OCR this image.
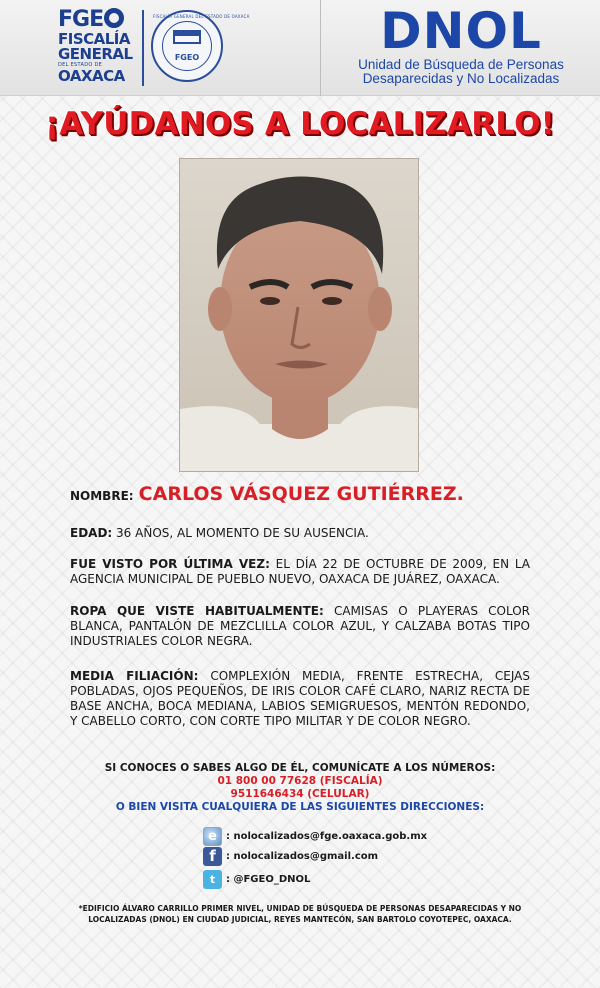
FGE
FISCALÍA
GENERAL
DEL ESTADO DE
OAXACA
FISCALÍA GENERAL DEL ESTADO DE OAXACA
FGEO	DNOL
Unidad de Búsqueda de Personas
Desaparecidas y No Localizadas
¡AYÚDANOS A LOCALIZARLO!
NOMBRE: CARLOS VÁSQUEZ GUTIÉRREZ.
EDAD: 36 AÑOS, AL MOMENTO DE SU AUSENCIA.
FUE VISTO POR ÚLTIMA VEZ: EL DÍA 22 DE OCTUBRE DE 2009, EN LA AGENCIA MUNICIPAL DE PUEBLO NUEVO, OAXACA DE JUÁREZ, OAXACA.
ROPA QUE VISTE HABITUALMENTE: CAMISAS O PLAYERAS COLOR BLANCA, PANTALÓN DE MEZCLILLA COLOR AZUL, Y CALZABA BOTAS TIPO INDUSTRIALES COLOR NEGRA.
MEDIA FILIACIÓN: COMPLEXIÓN MEDIA, FRENTE ESTRECHA, CEJAS POBLADAS, OJOS PEQUEÑOS, DE IRIS COLOR CAFÉ CLARO, NARIZ RECTA DE BASE ANCHA, BOCA MEDIANA, LABIOS SEMIGRUESOS, MENTÓN REDONDO, Y CABELLO CORTO, CON CORTE TIPO MILITAR Y DE COLOR NEGRO.
SI CONOCES O SABES ALGO DE ÉL, COMUNÍCATE A LOS NÚMEROS:
01 800 00 77628 (FISCALÍA)
9511646434 (CELULAR)
O BIEN VISITA CUALQUIERA DE LAS SIGUIENTES DIRECCIONES:
e : nolocalizados@fge.oaxaca.gob.mx
f	: nolocalizados@gmail.com
t	: @FGEO_DNOL
*EDIFICIO ÁLVARO CARRILLO PRIMER NIVEL, UNIDAD DE BÚSQUEDA DE PERSONAS DESAPARECIDAS Y NO LOCALIZADAS (DNOL) EN CIUDAD JUDICIAL, REYES MANTECÓN, SAN BARTOLO COYOTEPEC, OAXACA.
